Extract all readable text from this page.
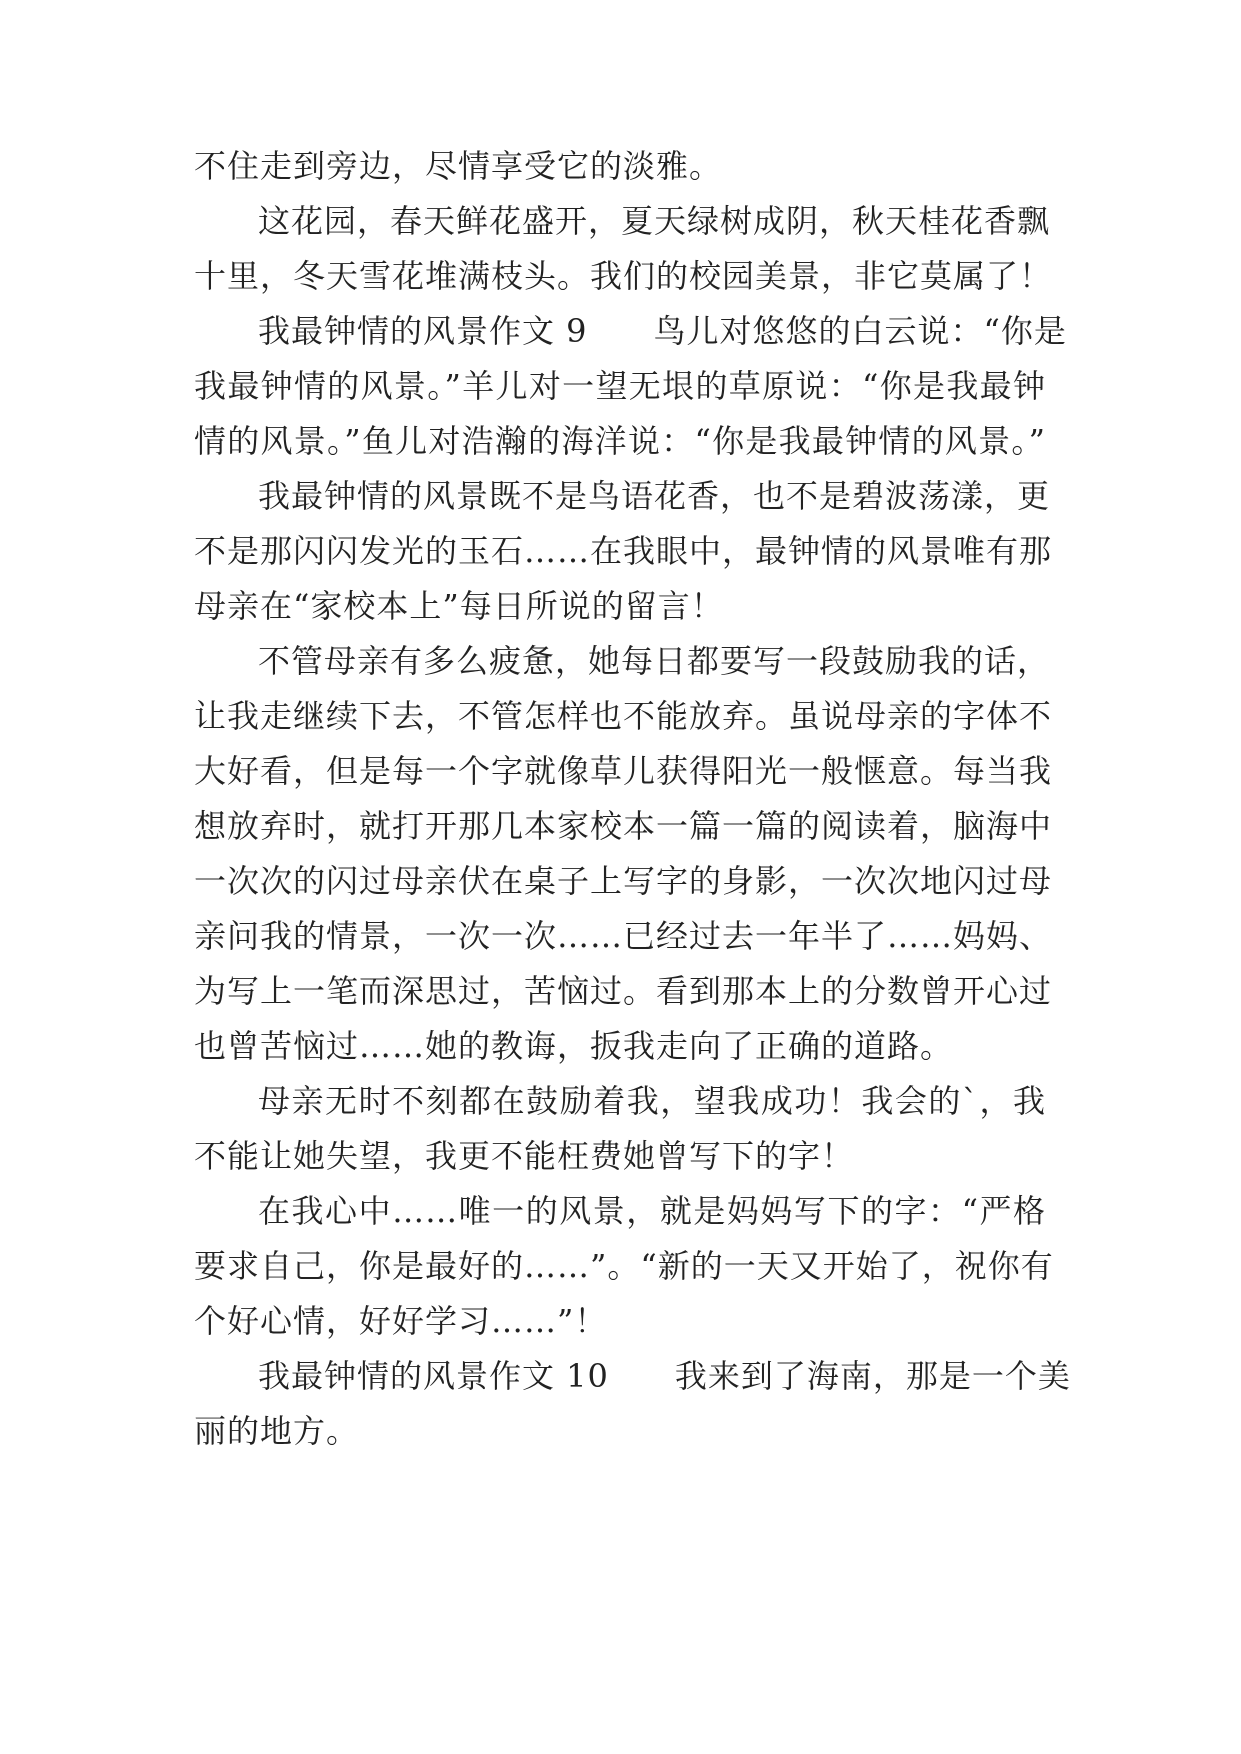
不住走到旁边，尽情享受它的淡雅。
这花园，春天鲜花盛开，夏天绿树成阴，秋天桂花香飘
十里，冬天雪花堆满枝头。我们的校园美景，非它莫属了！
我最钟情的风景作文 9　　鸟儿对悠悠的白云说：“你是
我最钟情的风景。”羊儿对一望无垠的草原说：“你是我最钟
情的风景。”鱼儿对浩瀚的海洋说：“你是我最钟情的风景。”
我最钟情的风景既不是鸟语花香，也不是碧波荡漾，更
不是那闪闪发光的玉石……在我眼中，最钟情的风景唯有那
母亲在“家校本上”每日所说的留言！
不管母亲有多么疲惫，她每日都要写一段鼓励我的话，
让我走继续下去，不管怎样也不能放弃。虽说母亲的字体不
大好看，但是每一个字就像草儿获得阳光一般惬意。每当我
想放弃时，就打开那几本家校本一篇一篇的阅读着，脑海中
一次次的闪过母亲伏在桌子上写字的身影，一次次地闪过母
亲问我的情景，一次一次……已经过去一年半了……妈妈、
为写上一笔而深思过，苦恼过。看到那本上的分数曾开心过
也曾苦恼过……她的教诲，扳我走向了正确的道路。
母亲无时不刻都在鼓励着我，望我成功！我会的`，我
不能让她失望，我更不能枉费她曾写下的字！
在我心中……唯一的风景，就是妈妈写下的字：“严格
要求自己，你是最好的……”。“新的一天又开始了，祝你有
个好心情，好好学习……”！
我最钟情的风景作文 10　　我来到了海南，那是一个美
丽的地方。
